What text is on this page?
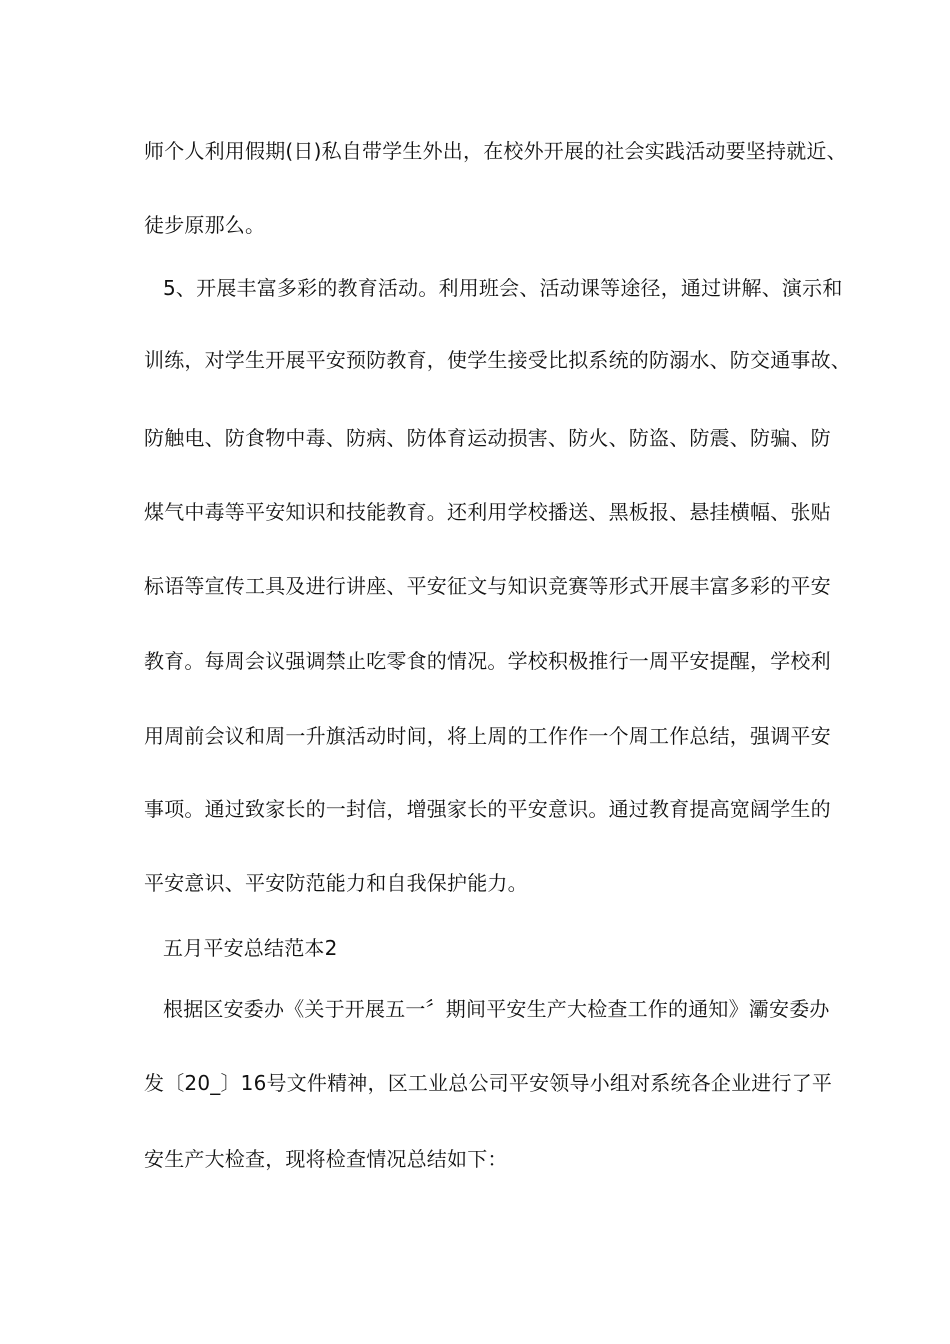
师个人利用假期(日)私自带学生外出，在校外开展的社会实践活动要坚持就近、
徒步原那么。
5、开展丰富多彩的教育活动。利用班会、活动课等途径，通过讲解、演示和
训练，对学生开展平安预防教育，使学生接受比拟系统的防溺水、防交通事故、
防触电、防食物中毒、防病、防体育运动损害、防火、防盗、防震、防骗、防
煤气中毒等平安知识和技能教育。还利用学校播送、黑板报、悬挂横幅、张贴
标语等宣传工具及进行讲座、平安征文与知识竞赛等形式开展丰富多彩的平安
教育。每周会议强调禁止吃零食的情况。学校积极推行一周平安提醒，学校利
用周前会议和周一升旗活动时间，将上周的工作作一个周工作总结，强调平安
事项。通过致家长的一封信，增强家长的平安意识。通过教育提高宽阔学生的
平安意识、平安防范能力和自我保护能力。
五月平安总结范本2
根据区安委办《关于开展五一〞期间平安生产大检查工作的通知》灞安委办
发〔20_〕16号文件精神，区工业总公司平安领导小组对系统各企业进行了平
安生产大检查，现将检查情况总结如下：
